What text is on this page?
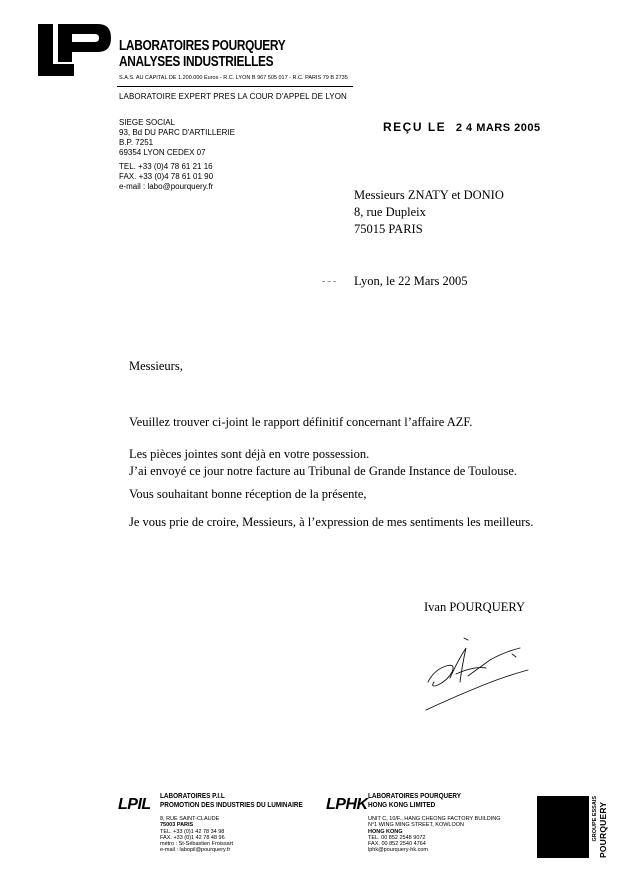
LABORATOIRES POURQUERY
ANALYSES INDUSTRIELLES
S.A.S. AU CAPITAL DE 1.200.000 Euros - R.C. LYON B 967 505 017 - R.C. PARIS 79 B 2735
LABORATOIRE EXPERT PRES LA COUR D'APPEL DE LYON
SIEGE SOCIAL
93, Bd DU PARC D'ARTILLERIE
B.P. 7251
69354 LYON CEDEX 07
TEL. +33 (0)4 78 61 21 16
FAX. +33 (0)4 78 61 01 90
e-mail : labo@pourquery.fr
REÇU LE 2 4 MARS 2005
Messieurs ZNATY et DONIO
8, rue Dupleix
75015 PARIS
Lyon, le 22 Mars 2005
Messieurs,
Veuillez trouver ci-joint le rapport définitif concernant l’affaire AZF.
Les pièces jointes sont déjà en votre possession.
J’ai envoyé ce jour notre facture au Tribunal de Grande Instance de Toulouse.
Vous souhaitant bonne réception de la présente,
Je vous prie de croire, Messieurs, à l’expression de mes sentiments les meilleurs.
Ivan POURQUERY
LPIL
LABORATOIRES P.I.L
PROMOTION DES INDUSTRIES DU LUMINAIRE
8, RUE SAINT-CLAUDE
75003 PARIS
TEL. +33 (0)1 42 78 34 98
FAX. +33 (0)1 42 78 48 96
métro : St-Sébastien Froissart
e-mail : labopil@pourquery.fr
LPHK
LABORATOIRES POURQUERY
HONG KONG LIMITED
UNIT C, 10/F., HANG CHEONG FACTORY BUILDING
N°1 WING MING STREET, KOWLOON
HONG KONG
TEL. 00 852 2548 9072
FAX. 00 852 2540 4764
lphk@pourquery-hk.com
GROUPE ESSAIS POURQUERY
